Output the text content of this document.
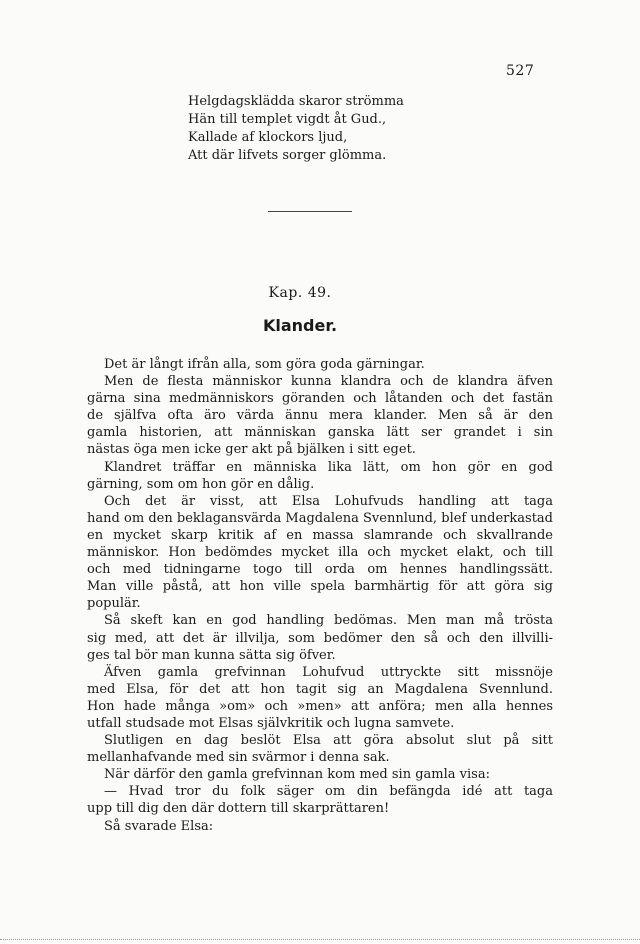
527
Helgdagsklädda skaror strömma
Hän till templet vigdt åt Gud.,
Kallade af klockors ljud,
Att där lifvets sorger glömma.
Kap. 49.
Klander.
Det är långt ifrån alla, som göra goda gärningar.
Men de flesta människor kunna klandra och de klandra äfven
gärna sina medmänniskors göranden och låtanden och det fastän
de själfva ofta äro värda ännu mera klander. Men så är den
gamla historien, att människan ganska lätt ser grandet i sin
nästas öga men icke ger akt på bjälken i sitt eget.
Klandret träffar en människa lika lätt, om hon gör en god
gärning, som om hon gör en dålig.
Och det är visst, att Elsa Lohufvuds handling att taga
hand om den beklagansvärda Magdalena Svennlund, blef underkastad
en mycket skarp kritik af en massa slamrande och skvallrande
människor. Hon bedömdes mycket illa och mycket elakt, och till
och med tidningarne togo till orda om hennes handlingssätt.
Man ville påstå, att hon ville spela barmhärtig för att göra sig
populär.
Så skeft kan en god handling bedömas. Men man må trösta
sig med, att det är illvilja, som bedömer den så och den illvilli-
ges tal bör man kunna sätta sig öfver.
Äfven gamla grefvinnan Lohufvud uttryckte sitt missnöje
med Elsa, för det att hon tagit sig an Magdalena Svennlund.
Hon hade många »om» och »men» att anföra; men alla hennes
utfall studsade mot Elsas självkritik och lugna samvete.
Slutligen en dag beslöt Elsa att göra absolut slut på sitt
mellanhafvande med sin svärmor i denna sak.
När därför den gamla grefvinnan kom med sin gamla visa:
— Hvad tror du folk säger om din befängda idé att taga
upp till dig den där dottern till skarprättaren!
Så svarade Elsa:
